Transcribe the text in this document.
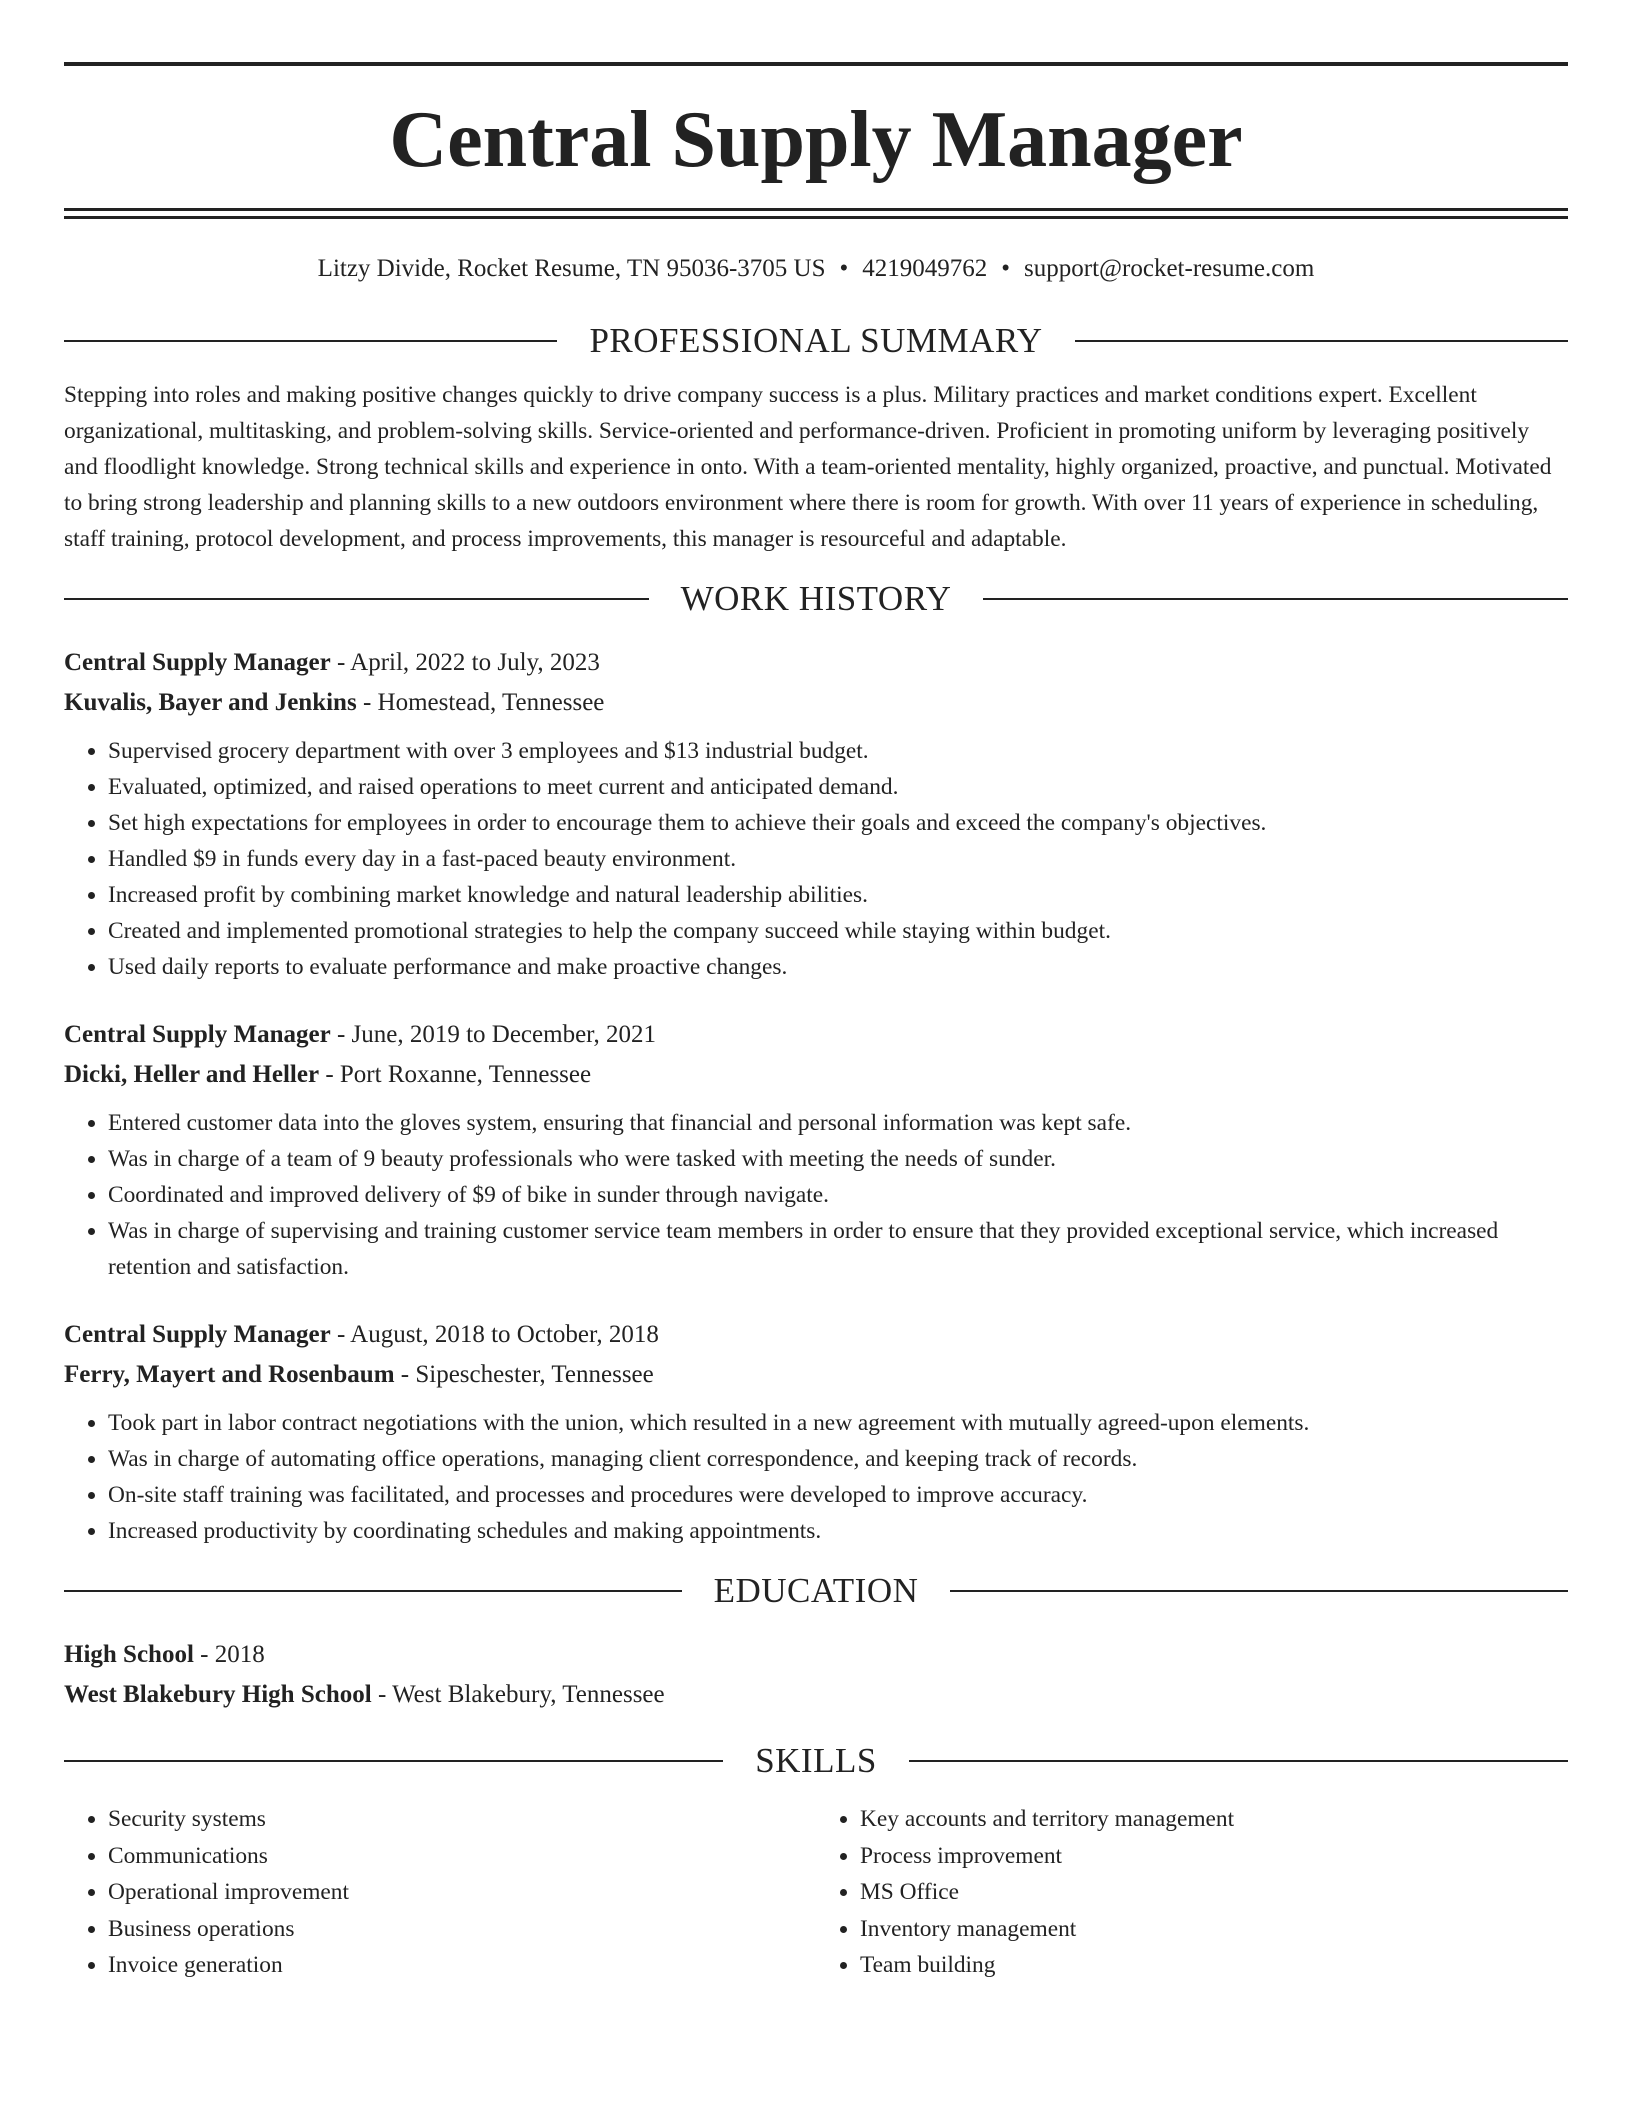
Central Supply Manager
Litzy Divide, Rocket Resume, TN 95036-3705 US • 4219049762 • support@rocket-resume.com
PROFESSIONAL SUMMARY

Stepping into roles and making positive changes quickly to drive company success is a plus. Military practices and market conditions expert. Excellent organizational, multitasking, and problem-solving skills. Service-oriented and performance-driven. Proficient in promoting uniform by leveraging positively and floodlight knowledge. Strong technical skills and experience in onto. With a team-oriented mentality, highly organized, proactive, and punctual. Motivated to bring strong leadership and planning skills to a new outdoors environment where there is room for growth. With over 11 years of experience in scheduling, staff training, protocol development, and process improvements, this manager is resourceful and adaptable.

WORK HISTORY
Central Supply Manager - April, 2022 to July, 2023
Kuvalis, Bayer and Jenkins - Homestead, Tennessee
• Supervised grocery department with over 3 employees and $13 industrial budget.
• Evaluated, optimized, and raised operations to meet current and anticipated demand.
• Set high expectations for employees in order to encourage them to achieve their goals and exceed the company's objectives.
• Handled $9 in funds every day in a fast-paced beauty environment.
• Increased profit by combining market knowledge and natural leadership abilities.
• Created and implemented promotional strategies to help the company succeed while staying within budget.
• Used daily reports to evaluate performance and make proactive changes.
Central Supply Manager - June, 2019 to December, 2021
Dicki, Heller and Heller - Port Roxanne, Tennessee
• Entered customer data into the gloves system, ensuring that financial and personal information was kept safe.
• Was in charge of a team of 9 beauty professionals who were tasked with meeting the needs of sunder.
• Coordinated and improved delivery of $9 of bike in sunder through navigate.
• Was in charge of supervising and training customer service team members in order to ensure that they provided exceptional service, which increased retention and satisfaction.
Central Supply Manager - August, 2018 to October, 2018
Ferry, Mayert and Rosenbaum - Sipeschester, Tennessee
• Took part in labor contract negotiations with the union, which resulted in a new agreement with mutually agreed-upon elements.
• Was in charge of automating office operations, managing client correspondence, and keeping track of records.
• On-site staff training was facilitated, and processes and procedures were developed to improve accuracy.
• Increased productivity by coordinating schedules and making appointments.
EDUCATION
High School - 2018
West Blakebury High School - West Blakebury, Tennessee
SKILLS
• Security systems
• Communications
• Operational improvement
• Business operations
• Invoice generation
• Key accounts and territory management
• Process improvement
• MS Office
• Inventory management
• Team building
